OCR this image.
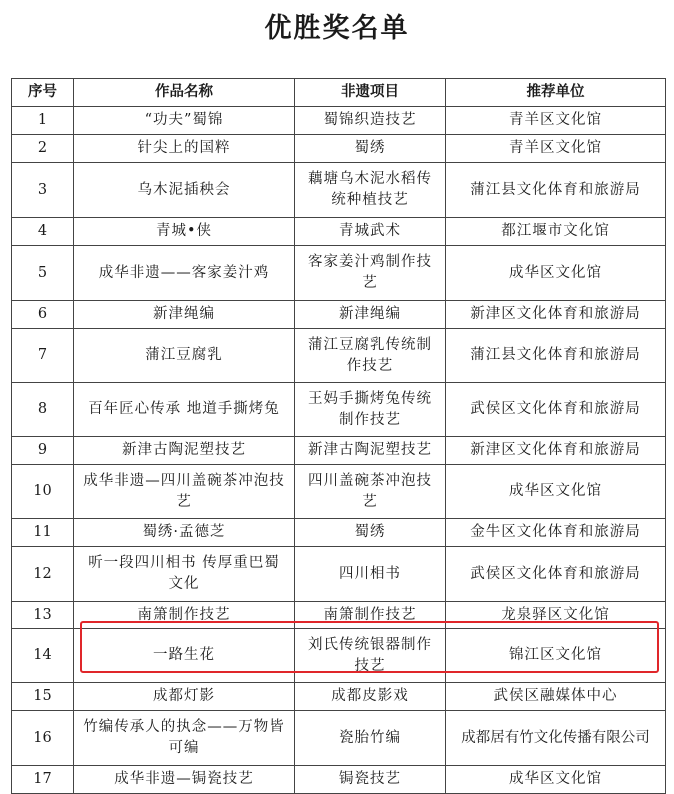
优胜奖名单
序号	作品名称	非遗项目	推荐单位
1	“功夫”蜀锦	蜀锦织造技艺	青羊区文化馆
2	针尖上的国粹	蜀绣	青羊区文化馆
3	乌木泥插秧会	藕塘乌木泥水稻传统种植技艺	蒲江县文化体育和旅游局
4	青城•侠	青城武术	都江堰市文化馆
5	成华非遗——客家姜汁鸡	客家姜汁鸡制作技艺	成华区文化馆
6	新津绳编	新津绳编	新津区文化体育和旅游局
7	蒲江豆腐乳	蒲江豆腐乳传统制作技艺	蒲江县文化体育和旅游局
8	百年匠心传承 地道手撕烤兔	王妈手撕烤兔传统制作技艺	武侯区文化体育和旅游局
9	新津古陶泥塑技艺	新津古陶泥塑技艺	新津区文化体育和旅游局
10	成华非遗—四川盖碗茶冲泡技艺	四川盖碗茶冲泡技艺	成华区文化馆
11	蜀绣·孟德芝	蜀绣	金牛区文化体育和旅游局
12	听一段四川相书 传厚重巴蜀文化	四川相书	武侯区文化体育和旅游局
13	南箫制作技艺	南箫制作技艺	龙泉驿区文化馆
14	一路生花	刘氏传统银器制作技艺	锦江区文化馆
15	成都灯影	成都皮影戏	武侯区融媒体中心
16	竹编传承人的执念——万物皆可编	瓷胎竹编	成都居有竹文化传播有限公司
17	成华非遗—锔瓷技艺	锔瓷技艺	成华区文化馆
